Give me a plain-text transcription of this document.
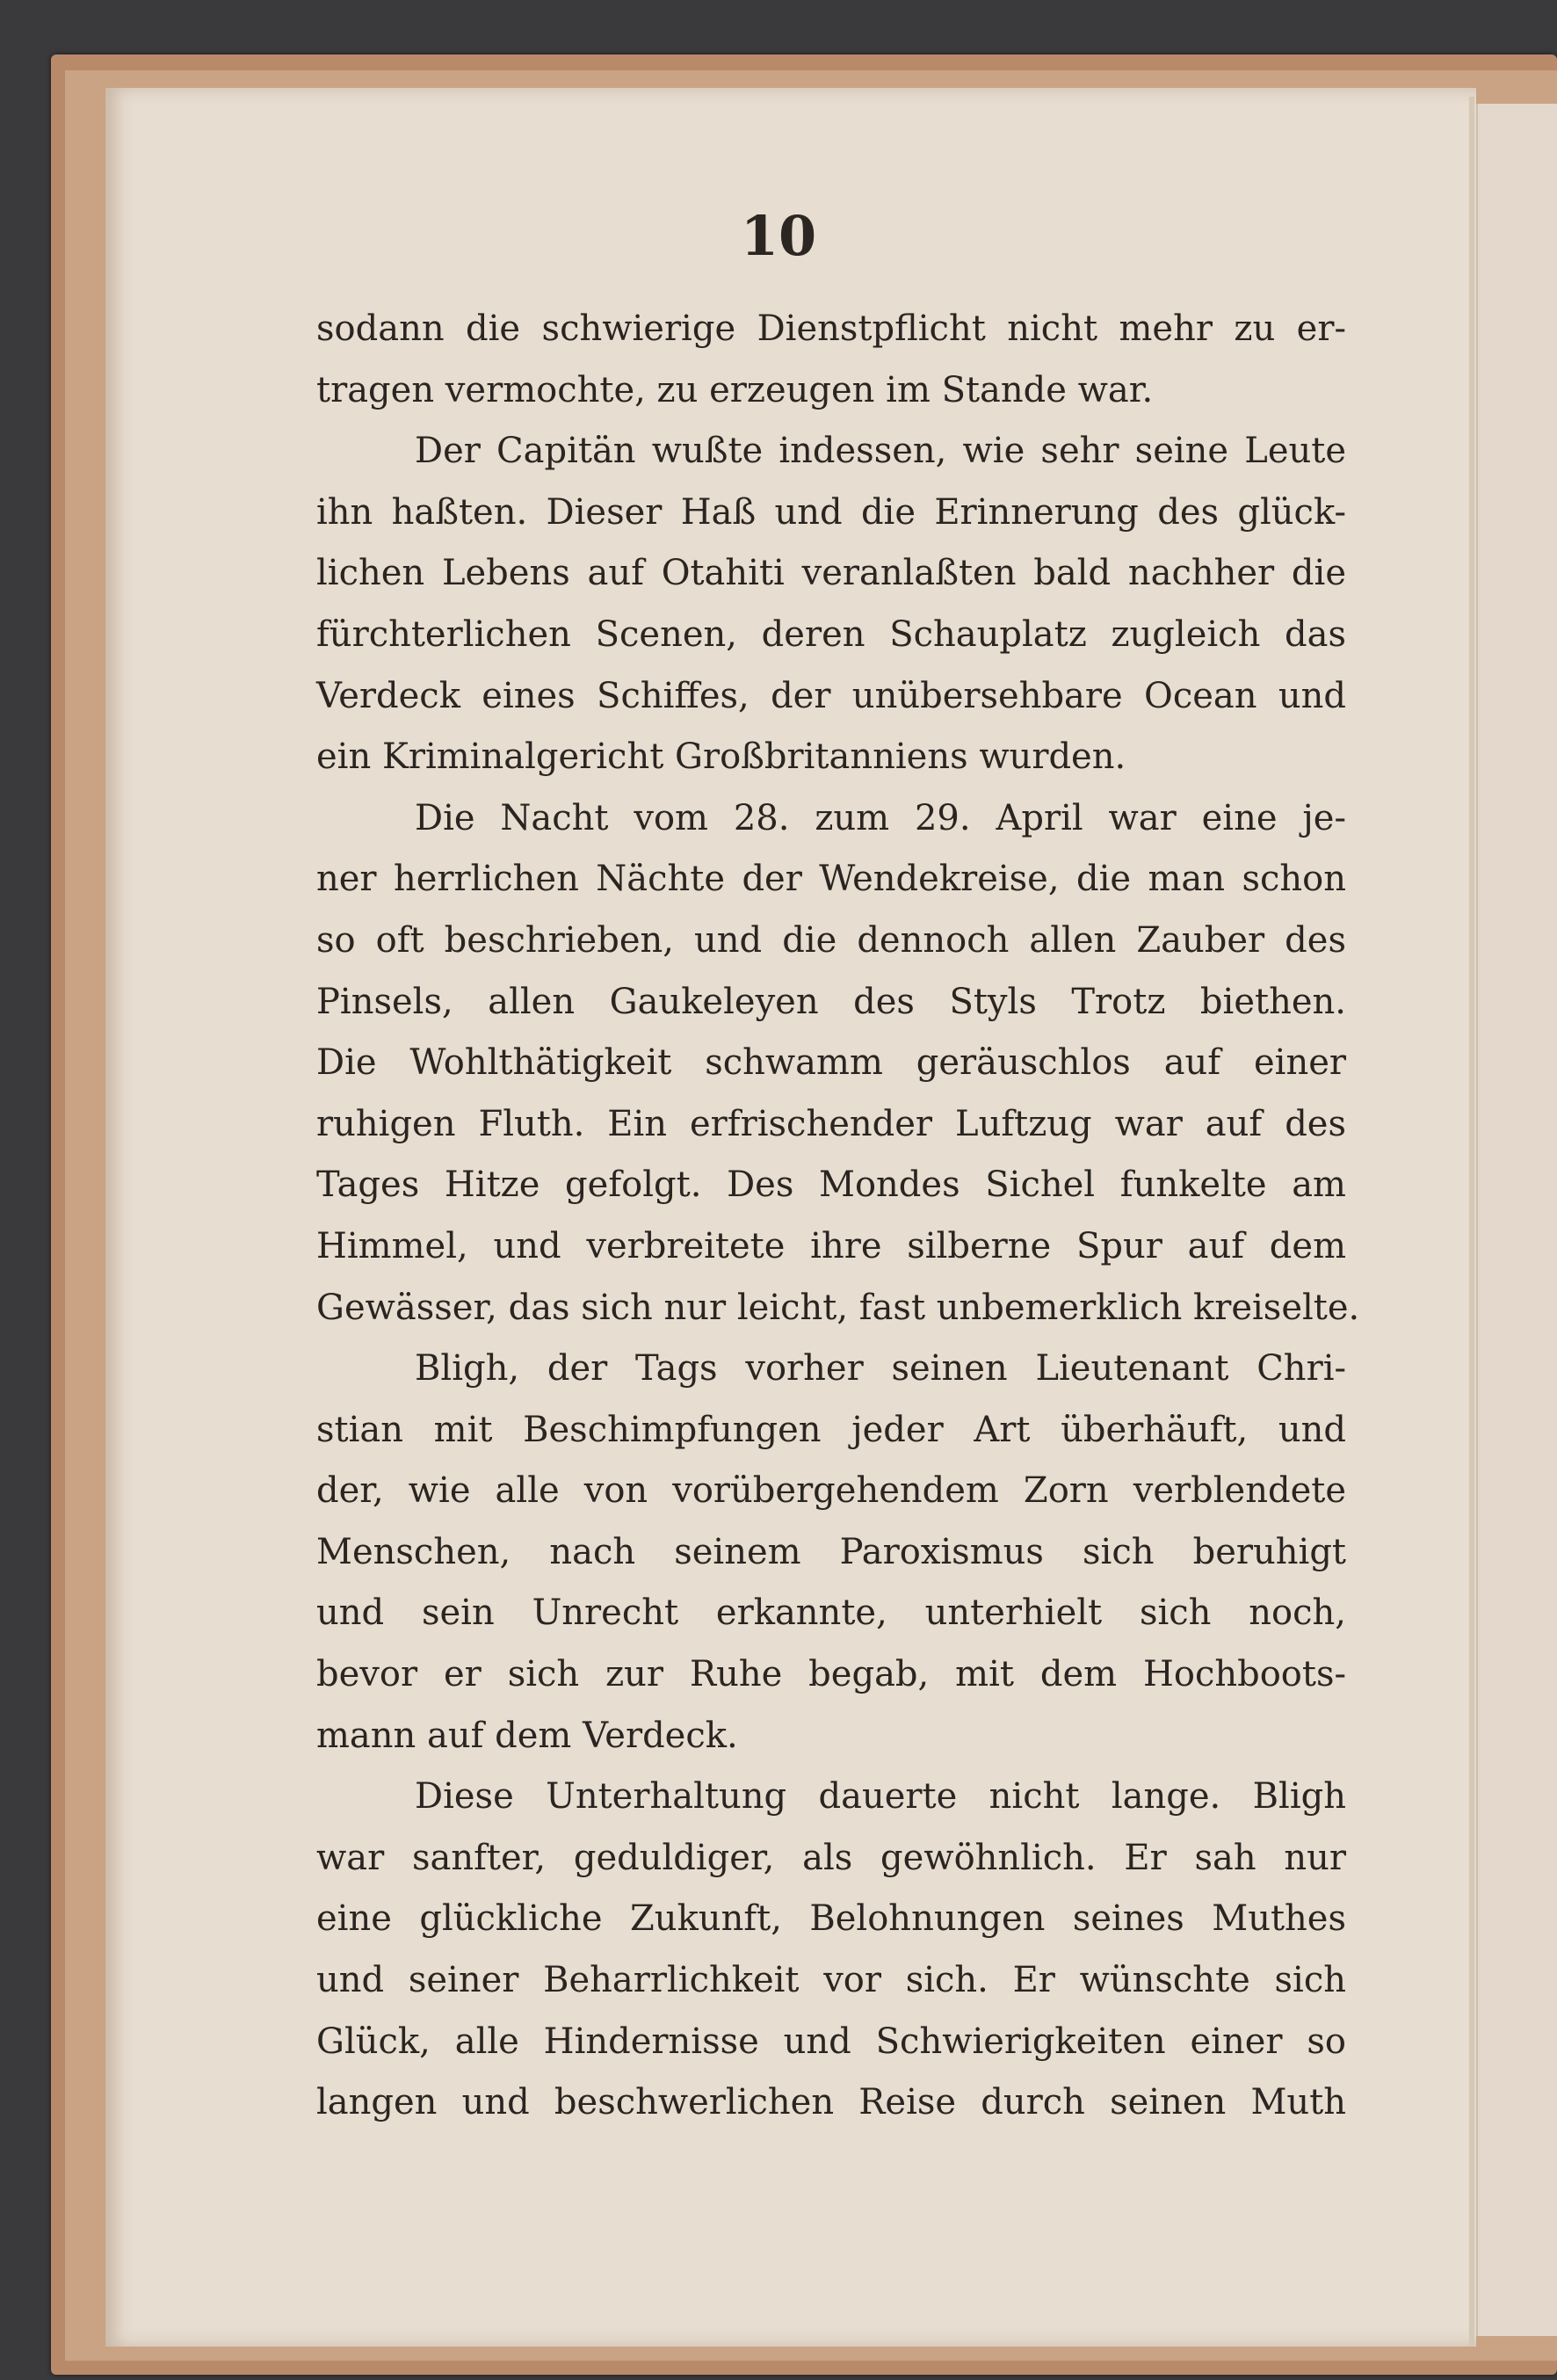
10
sodann die schwierige Dienstpflicht nicht mehr zu er-
tragen vermochte, zu erzeugen im Stande war.
Der Capitän wußte indessen, wie sehr seine Leute
ihn haßten. Dieser Haß und die Erinnerung des glück-
lichen Lebens auf Otahiti veranlaßten bald nachher die
fürchterlichen Scenen, deren Schauplatz zugleich das
Verdeck eines Schiffes, der unübersehbare Ocean und
ein Kriminalgericht Großbritanniens wurden.
Die Nacht vom 28. zum 29. April war eine je-
ner herrlichen Nächte der Wendekreise, die man schon
so oft beschrieben, und die dennoch allen Zauber des
Pinsels, allen Gaukeleyen des Styls Trotz biethen.
Die Wohlthätigkeit schwamm geräuschlos auf einer
ruhigen Fluth. Ein erfrischender Luftzug war auf des
Tages Hitze gefolgt. Des Mondes Sichel funkelte am
Himmel, und verbreitete ihre silberne Spur auf dem
Gewässer, das sich nur leicht, fast unbemerklich kreiselte.
Bligh, der Tags vorher seinen Lieutenant Chri-
stian mit Beschimpfungen jeder Art überhäuft, und
der, wie alle von vorübergehendem Zorn verblendete
Menschen, nach seinem Paroxismus sich beruhigt
und sein Unrecht erkannte, unterhielt sich noch,
bevor er sich zur Ruhe begab, mit dem Hochboots-
mann auf dem Verdeck.
Diese Unterhaltung dauerte nicht lange. Bligh
war sanfter, geduldiger, als gewöhnlich. Er sah nur
eine glückliche Zukunft, Belohnungen seines Muthes
und seiner Beharrlichkeit vor sich. Er wünschte sich
Glück, alle Hindernisse und Schwierigkeiten einer so
langen und beschwerlichen Reise durch seinen Muth
